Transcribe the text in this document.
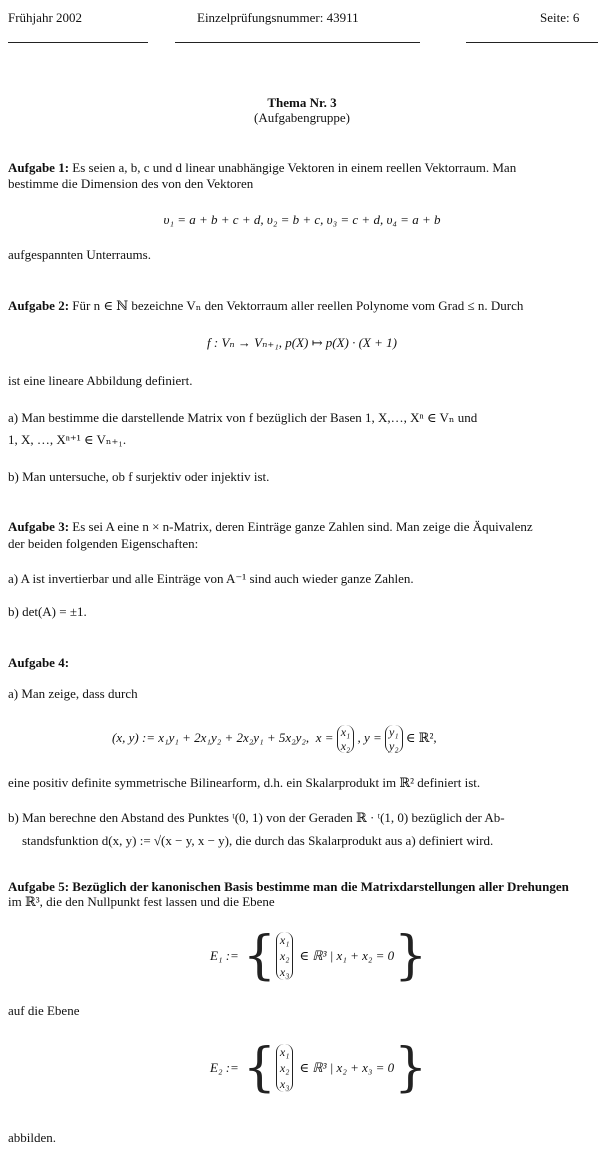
Frühjahr 2002	Einzelprüfungsnummer: 43911	Seite: 6
Thema Nr. 3
(Aufgabengruppe)
Aufgabe 1: Es seien a, b, c und d linear unabhängige Vektoren in einem reellen Vektorraum. Man
bestimme die Dimension des von den Vektoren
υ₁ = a + b + c + d, υ₂ = b + c, υ₃ = c + d, υ₄ = a + b
aufgespannten Unterraums.
Aufgabe 2: Für n ∈ ℕ bezeichne Vₙ den Vektorraum aller reellen Polynome vom Grad ≤ n. Durch
f : Vₙ → Vₙ₊₁, p(X) ↦ p(X) · (X + 1)
ist eine lineare Abbildung definiert.
a) Man bestimme die darstellende Matrix von f bezüglich der Basen 1, X,…, Xⁿ ∈ Vₙ und
1, X, …, Xⁿ⁺¹ ∈ Vₙ₊₁.
b) Man untersuche, ob f surjektiv oder injektiv ist.
Aufgabe 3: Es sei A eine n × n-Matrix, deren Einträge ganze Zahlen sind. Man zeige die Äquivalenz
der beiden folgenden Eigenschaften:
a) A ist invertierbar und alle Einträge von A⁻¹ sind auch wieder ganze Zahlen.
b) det(A) = ±1.
Aufgabe 4:
a) Man zeige, dass durch
(x, y) := x₁y₁ + 2x₁y₂ + 2x₂y₁ + 5x₂y₂, x = x₁
x₂ , y = y₁
y₂ ∈ ℝ²,
eine positiv definite symmetrische Bilinearform, d.h. ein Skalarprodukt im ℝ² definiert ist.
b) Man berechne den Abstand des Punktes ᵗ(0, 1) von der Geraden ℝ · ᵗ(1, 0) bezüglich der Ab-
standsfunktion d(x, y) := √(x − y, x − y), die durch das Skalarprodukt aus a) definiert wird.
Aufgabe 5: Bezüglich der kanonischen Basis bestimme man die Matrixdarstellungen aller Drehungen
im ℝ³, die den Nullpunkt fest lassen und die Ebene
E₁ := { x₁
x₂
x₃
∈ ℝ³ | x₁ + x₂ = 0 }
auf die Ebene
E₂ := { x₁
x₂
x₃
∈ ℝ³ | x₂ + x₃ = 0 }
abbilden.
